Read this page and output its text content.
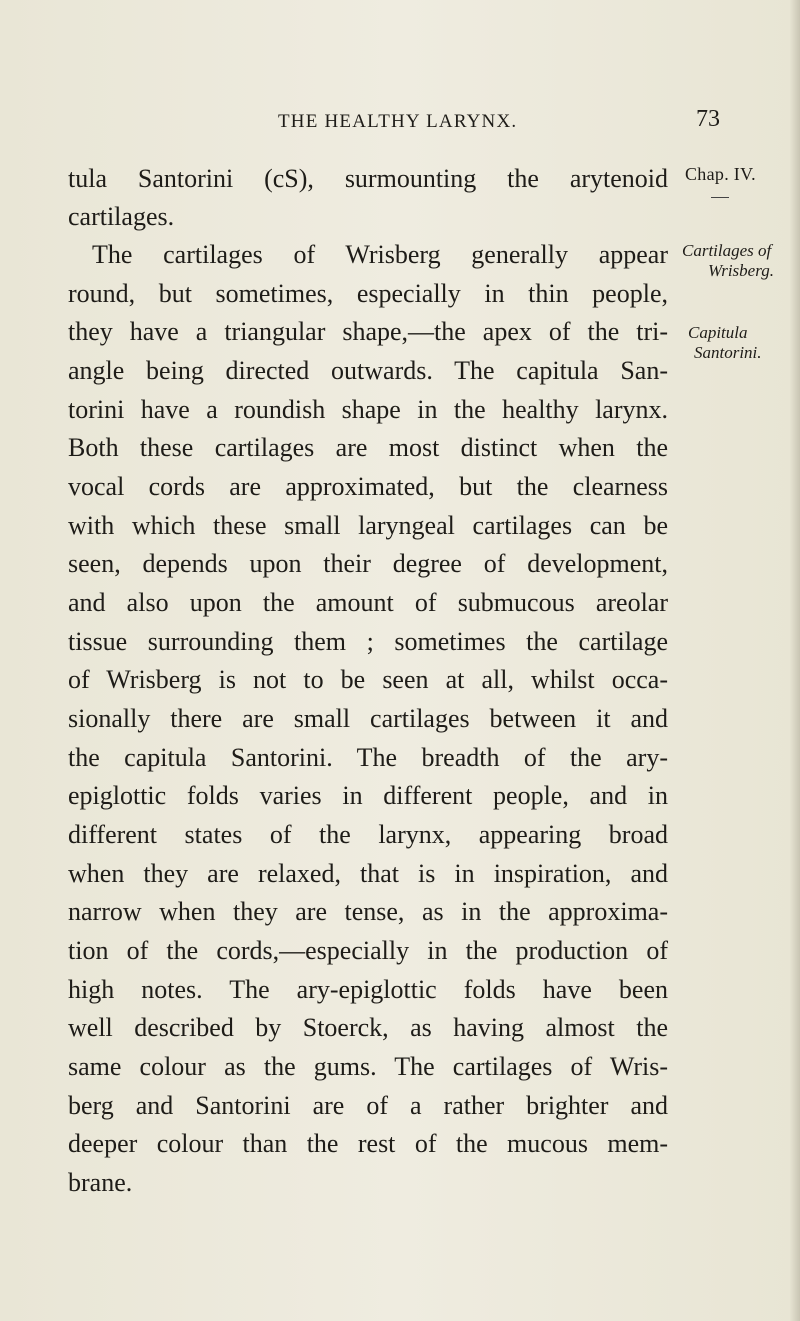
THE HEALTHY LARYNX.	73
Chap. IV.
Cartilages of
Wrisberg.
Capitula
Santorini.
tula Santorini (cS), surmounting the arytenoid
cartilages.
The cartilages of Wrisberg generally appear
round, but sometimes, especially in thin people,
they have a triangular shape,—the apex of the tri-
angle being directed outwards. The capitula San-
torini have a roundish shape in the healthy larynx.
Both these cartilages are most distinct when the
vocal cords are approximated, but the clearness
with which these small laryngeal cartilages can be
seen, depends upon their degree of development,
and also upon the amount of submucous areolar
tissue surrounding them ; sometimes the cartilage
of Wrisberg is not to be seen at all, whilst occa-
sionally there are small cartilages between it and
the capitula Santorini. The breadth of the ary-
epiglottic folds varies in different people, and in
different states of the larynx, appearing broad
when they are relaxed, that is in inspiration, and
narrow when they are tense, as in the approxima-
tion of the cords,—especially in the production of
high notes. The ary-epiglottic folds have been
well described by Stoerck, as having almost the
same colour as the gums. The cartilages of Wris-
berg and Santorini are of a rather brighter and
deeper colour than the rest of the mucous mem-
brane.
